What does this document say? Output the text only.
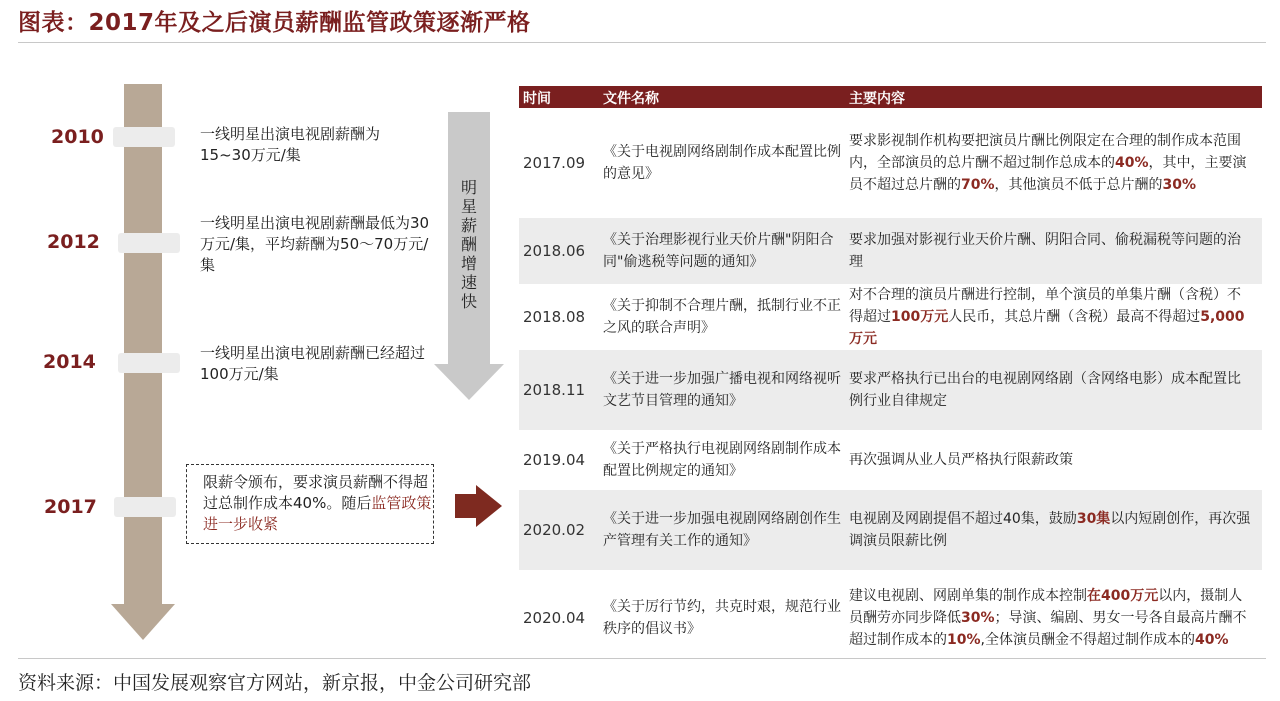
图表：2017年及之后演员薪酬监管政策逐渐严格
2010
2012
2014
2017
一线明星出演电视剧薪酬为15~30万元/集
一线明星出演电视剧薪酬最低为30万元/集，平均薪酬为50～70万元/集
一线明星出演电视剧薪酬已经超过100万元/集
限薪令颁布，要求演员薪酬不得超过总制作成本40%。随后监管政策进一步收紧
明星薪酬增速快
时间	文件名称	主要内容
2017.09
《关于电视剧网络剧制作成本配置比例的意见》
要求影视制作机构要把演员片酬比例限定在合理的制作成本范围内，全部演员的总片酬不超过制作总成本的40%，其中，主要演员不超过总片酬的70%，其他演员不低于总片酬的30%
2018.06
《关于治理影视行业天价片酬"阴阳合同"偷逃税等问题的通知》
要求加强对影视行业天价片酬、阴阳合同、偷税漏税等问题的治理
2018.08
《关于抑制不合理片酬，抵制行业不正之风的联合声明》
对不合理的演员片酬进行控制，单个演员的单集片酬（含税）不得超过100万元人民币，其总片酬（含税）最高不得超过5,000万元
2018.11
《关于进一步加强广播电视和网络视听文艺节目管理的通知》
要求严格执行已出台的电视剧网络剧（含网络电影）成本配置比例行业自律规定
2019.04
《关于严格执行电视剧网络剧制作成本配置比例规定的通知》
再次强调从业人员严格执行限薪政策
2020.02
《关于进一步加强电视剧网络剧创作生产管理有关工作的通知》
电视剧及网剧提倡不超过40集，鼓励30集以内短剧创作，再次强调演员限薪比例
2020.04
《关于厉行节约，共克时艰，规范行业秩序的倡议书》
建议电视剧、网剧单集的制作成本控制在400万元以内，摄制人员酬劳亦同步降低30%；导演、编剧、男女一号各自最高片酬不超过制作成本的10%,全体演员酬金不得超过制作成本的40%
资料来源：中国发展观察官方网站，新京报，中金公司研究部
